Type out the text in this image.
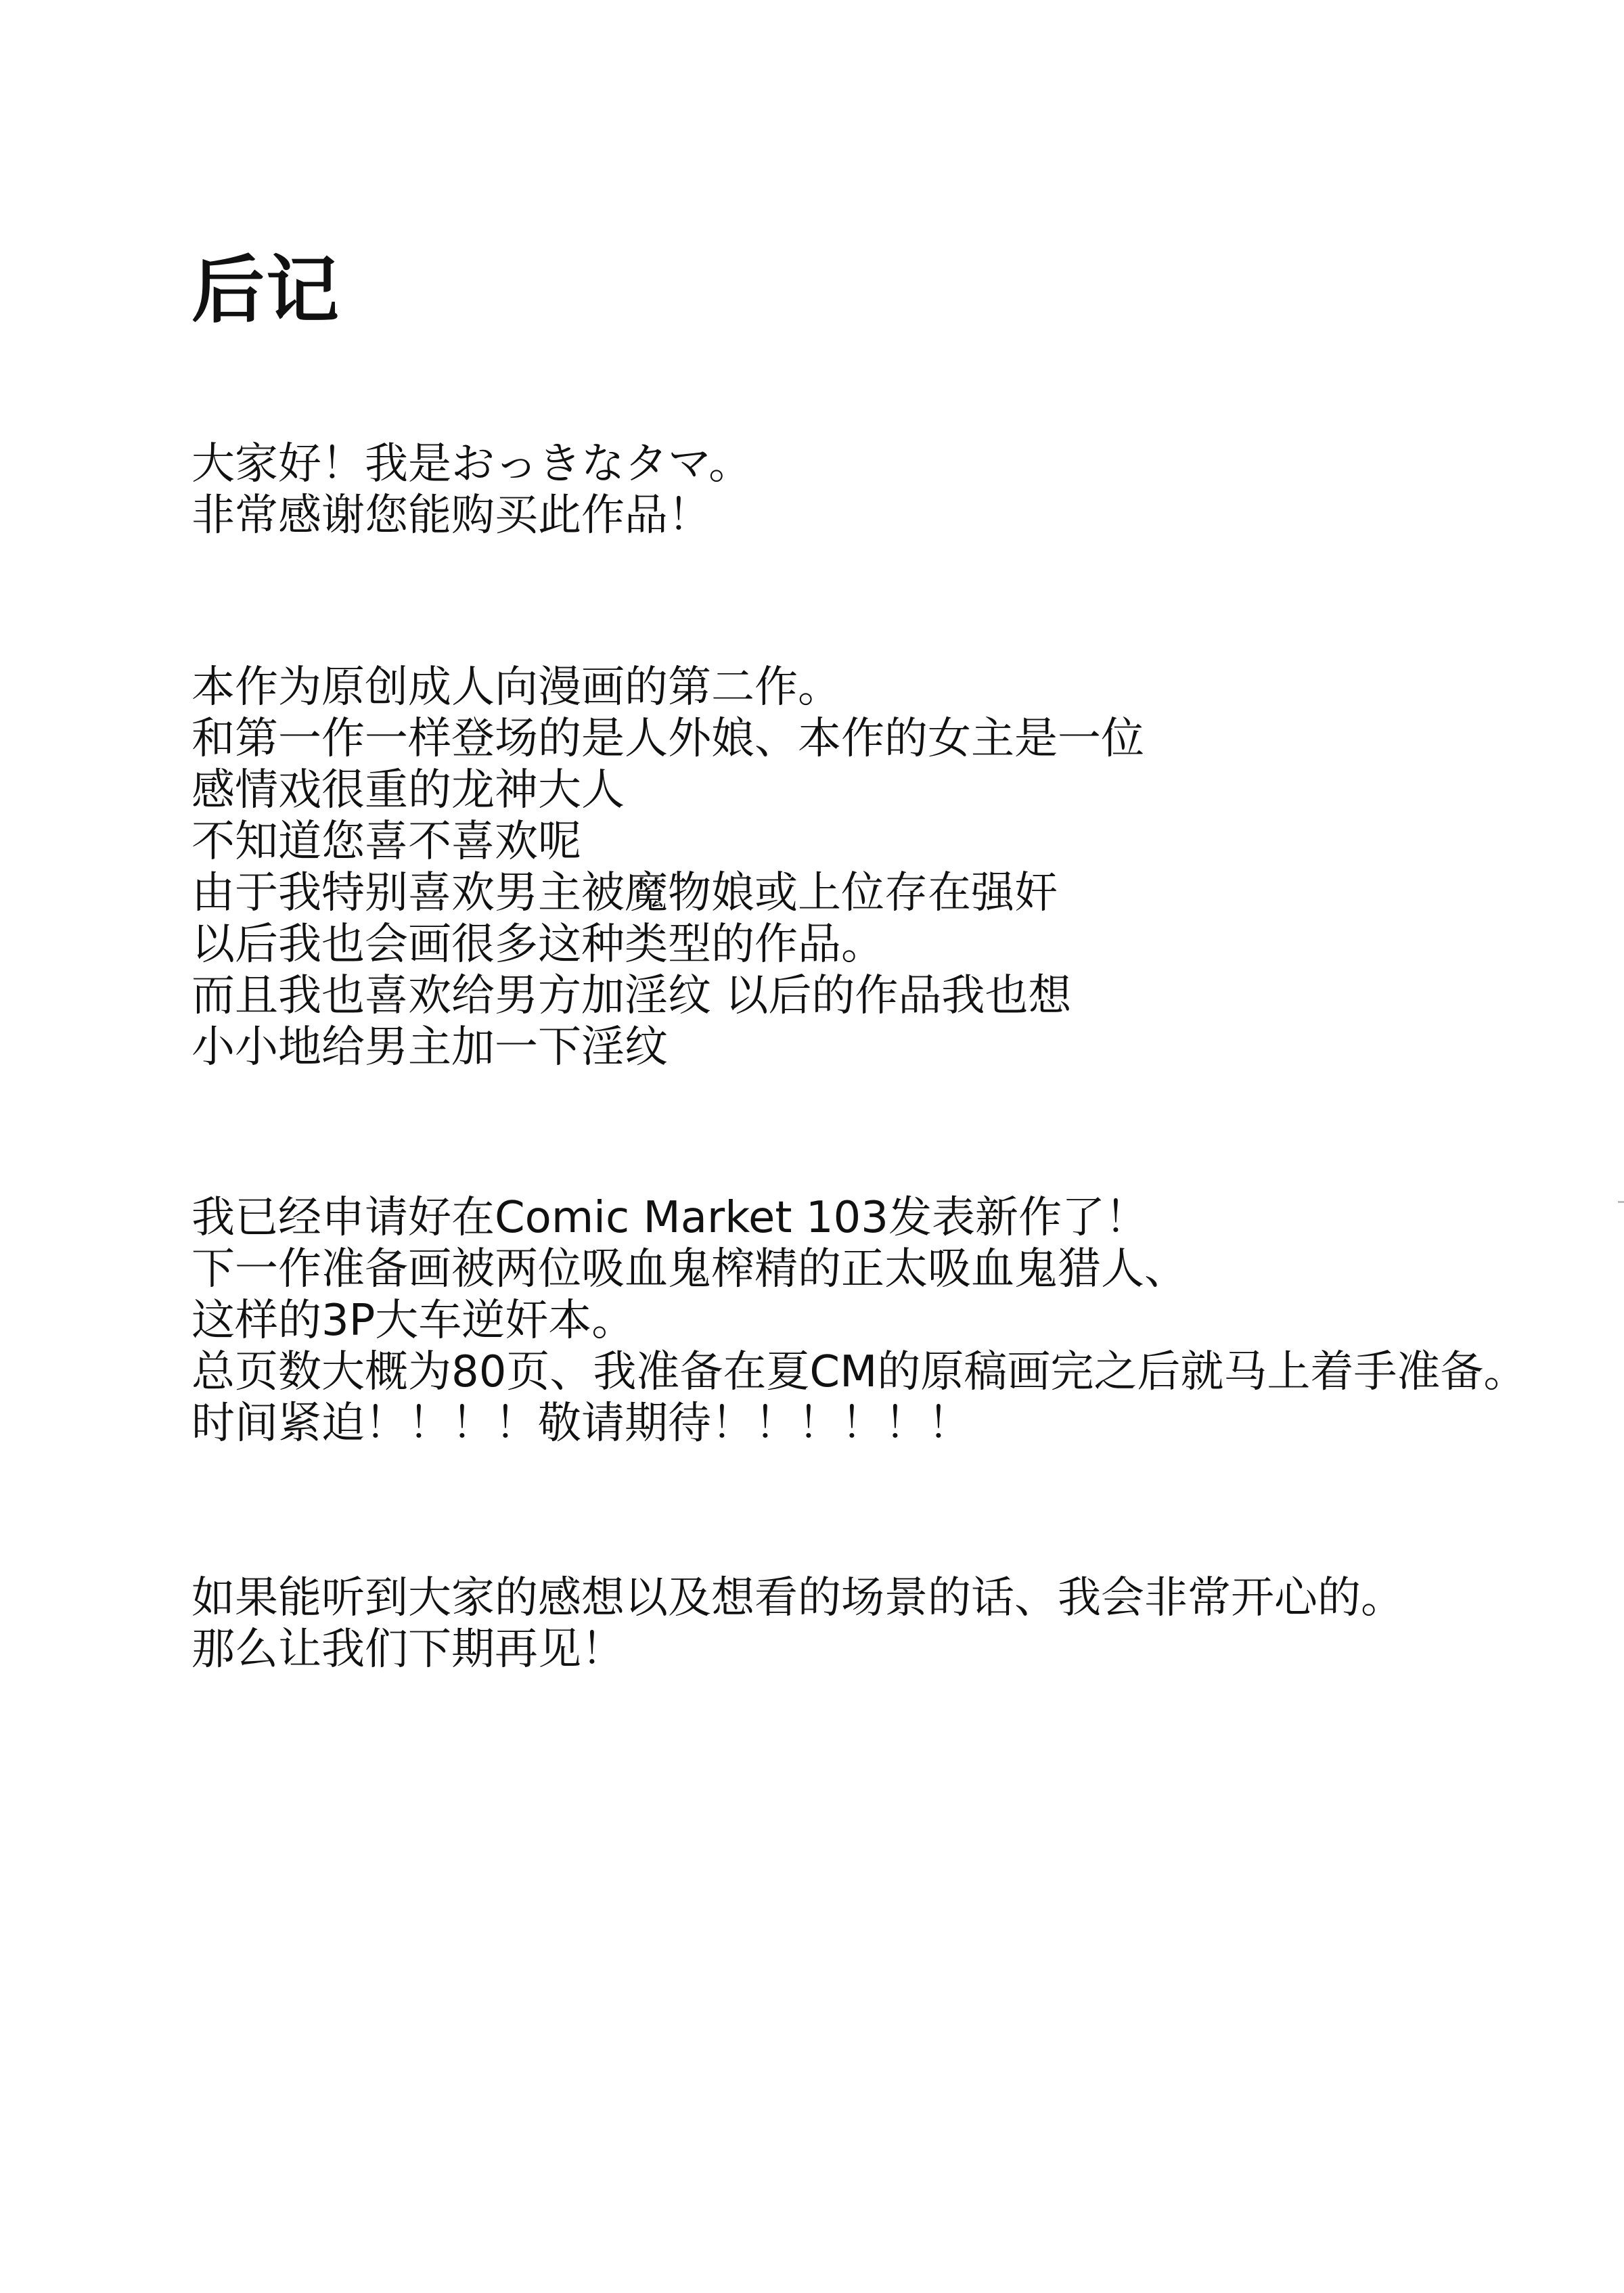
后记
大家好！我是おっきなタマ。
非常感谢您能购买此作品！
本作为原创成人向漫画的第二作。
和第一作一样登场的是人外娘、本作的女主是一位
感情戏很重的龙神大人
不知道您喜不喜欢呢
由于我特别喜欢男主被魔物娘或上位存在强奸
以后我也会画很多这种类型的作品。
而且我也喜欢给男方加淫纹 以后的作品我也想
小小地给男主加一下淫纹
我已经申请好在Comic Market 103发表新作了！
下一作准备画被两位吸血鬼榨精的正太吸血鬼猎人、
这样的3P大车逆奸本。
总页数大概为80页、我准备在夏CM的原稿画完之后就马上着手准备。
时间紧迫！！！！敬请期待！！！！！！
如果能听到大家的感想以及想看的场景的话、我会非常开心的。
那么让我们下期再见！
